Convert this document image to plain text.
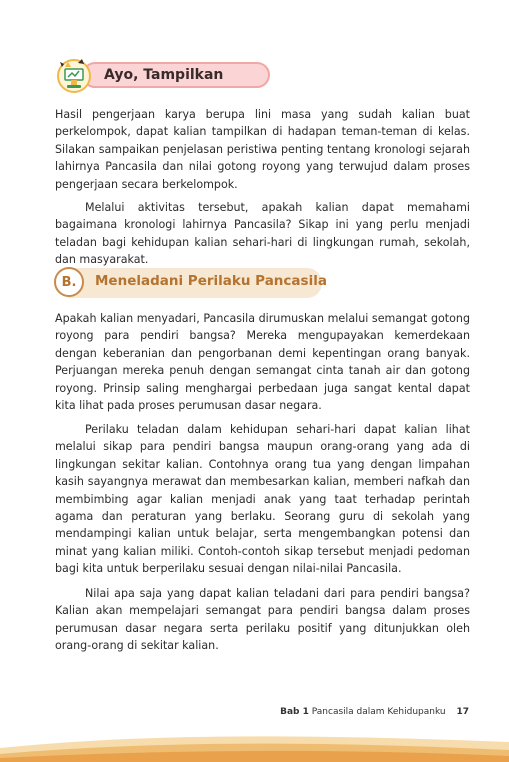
Ayo, Tampilkan

Hasil pengerjaan karya berupa lini masa yang sudah kalian buat perkelompok, dapat kalian tampilkan di hadapan teman-teman di kelas. Silakan sampaikan penjelasan peristiwa penting tentang kronologi sejarah lahirnya Pancasila dan nilai gotong royong yang terwujud dalam proses pengerjaan secara berkelompok.

Melalui aktivitas tersebut, apakah kalian dapat memahami bagaimana kronologi lahirnya Pancasila? Sikap ini yang perlu menjadi teladan bagi kehidupan kalian sehari-hari di lingkungan rumah, sekolah, dan masyarakat.

B.	Meneladani Perilaku Pancasila

Apakah kalian menyadari, Pancasila dirumuskan melalui semangat gotong royong para pendiri bangsa? Mereka mengupayakan kemerdekaan dengan keberanian dan pengorbanan demi kepentingan orang banyak. Perjuangan mereka penuh dengan semangat cinta tanah air dan gotong royong. Prinsip saling menghargai perbedaan juga sangat kental dapat kita lihat pada proses perumusan dasar negara.

Perilaku teladan dalam kehidupan sehari-hari dapat kalian lihat melalui sikap para pendiri bangsa maupun orang-orang yang ada di lingkungan sekitar kalian. Contohnya orang tua yang dengan limpahan kasih sayangnya merawat dan membesarkan kalian, memberi nafkah dan membimbing agar kalian menjadi anak yang taat terhadap perintah agama dan peraturan yang berlaku. Seorang guru di sekolah yang mendampingi kalian untuk belajar, serta mengembangkan potensi dan minat yang kalian miliki. Contoh-contoh sikap tersebut menjadi pedoman bagi kita untuk berperilaku sesuai dengan nilai-nilai Pancasila.

Nilai apa saja yang dapat kalian teladani dari para pendiri bangsa? Kalian akan mempelajari semangat para pendiri bangsa dalam proses perumusan dasar negara serta perilaku positif yang ditunjukkan oleh orang-orang di sekitar kalian.

Bab 1 Pancasila dalam Kehidupanku 17
